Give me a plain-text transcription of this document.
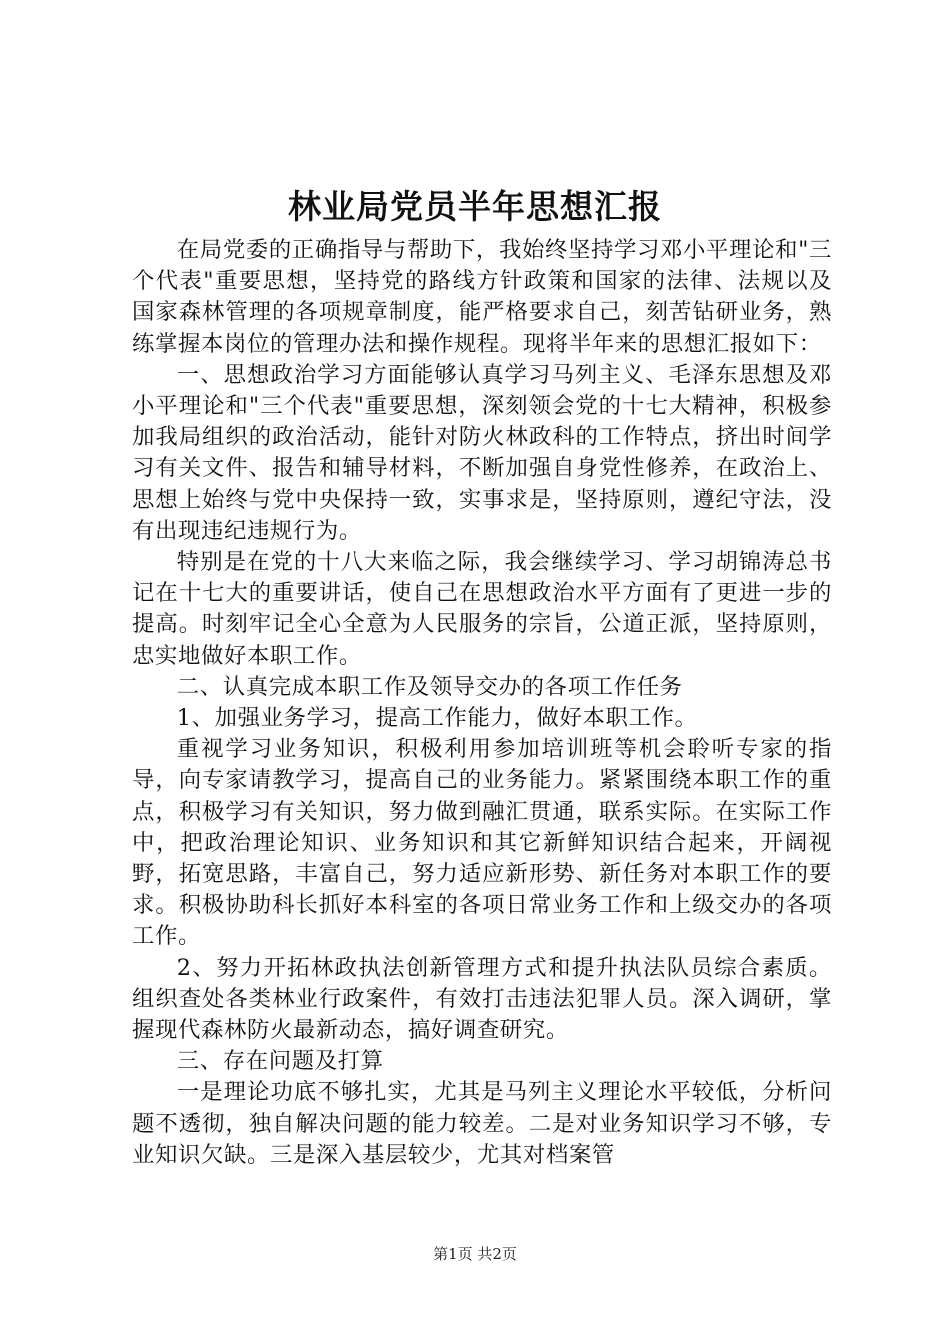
林业局党员半年思想汇报

在局党委的正确指导与帮助下，我始终坚持学习邓小平理论和"三个代表"重要思想，坚持党的路线方针政策和国家的法律、法规以及国家森林管理的各项规章制度，能严格要求自己，刻苦钻研业务，熟练掌握本岗位的管理办法和操作规程。现将半年来的思想汇报如下：

一、思想政治学习方面能够认真学习马列主义、毛泽东思想及邓小平理论和"三个代表"重要思想，深刻领会党的十七大精神，积极参加我局组织的政治活动，能针对防火林政科的工作特点，挤出时间学习有关文件、报告和辅导材料，不断加强自身党性修养，在政治上、思想上始终与党中央保持一致，实事求是，坚持原则，遵纪守法，没有出现违纪违规行为。

特别是在党的十八大来临之际，我会继续学习、学习胡锦涛总书记在十七大的重要讲话，使自己在思想政治水平方面有了更进一步的提高。时刻牢记全心全意为人民服务的宗旨，公道正派，坚持原则，忠实地做好本职工作。

二、认真完成本职工作及领导交办的各项工作任务

1、加强业务学习，提高工作能力，做好本职工作。

重视学习业务知识，积极利用参加培训班等机会聆听专家的指导，向专家请教学习，提高自己的业务能力。紧紧围绕本职工作的重点，积极学习有关知识，努力做到融汇贯通，联系实际。在实际工作中，把政治理论知识、业务知识和其它新鲜知识结合起来，开阔视野，拓宽思路，丰富自己，努力适应新形势、新任务对本职工作的要求。积极协助科长抓好本科室的各项日常业务工作和上级交办的各项工作。

2、努力开拓林政执法创新管理方式和提升执法队员综合素质。组织查处各类林业行政案件，有效打击违法犯罪人员。深入调研，掌握现代森林防火最新动态，搞好调查研究。

三、存在问题及打算

一是理论功底不够扎实，尤其是马列主义理论水平较低，分析问题不透彻，独自解决问题的能力较差。二是对业务知识学习不够，专业知识欠缺。三是深入基层较少，尤其对档案管

第1页 共2页
